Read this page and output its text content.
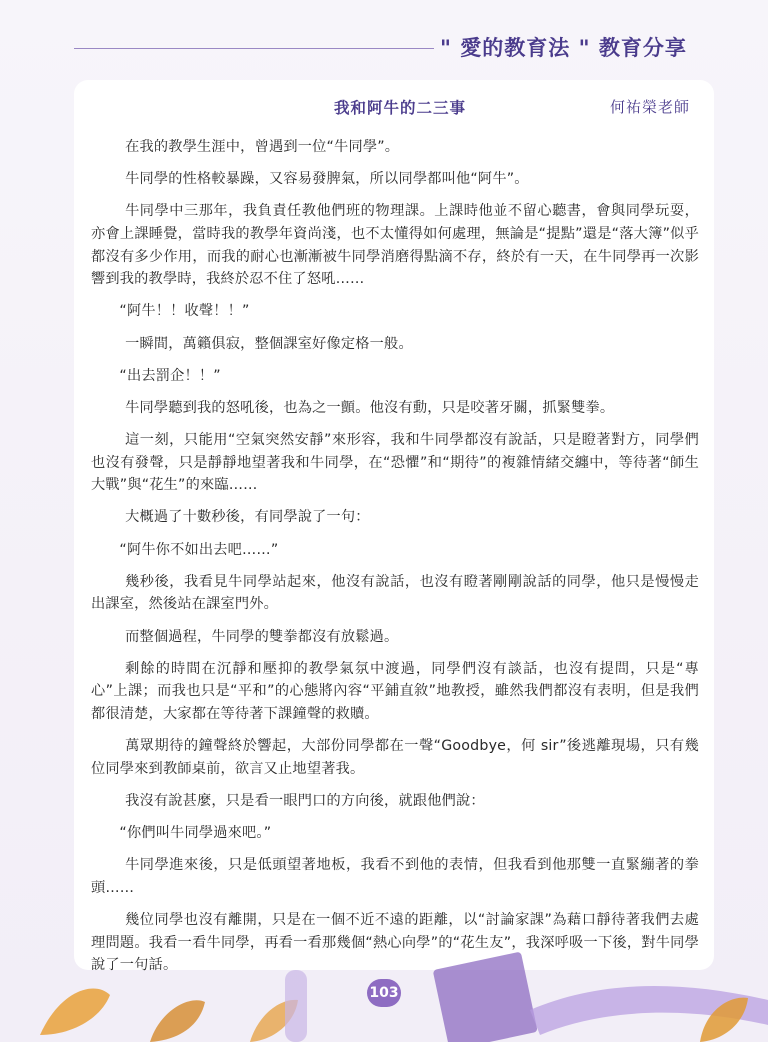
" 愛的教育法 " 教育分享
我和阿牛的二三事	何祐榮老師

在我的教學生涯中，曾遇到一位“牛同學”。

牛同學的性格較暴躁，又容易發脾氣，所以同學都叫他“阿牛”。

牛同學中三那年，我負責任教他們班的物理課。上課時他並不留心聽書，會與同學玩耍，亦會上課睡覺，當時我的教學年資尚淺，也不太懂得如何處理，無論是“提點”還是“落大簿”似乎都沒有多少作用，而我的耐心也漸漸被牛同學消磨得點滴不存，終於有一天，在牛同學再一次影響到我的教學時，我終於忍不住了怒吼……

“阿牛！！收聲！！”

一瞬間，萬籟俱寂，整個課室好像定格一般。

“出去罰企！！”

牛同學聽到我的怒吼後，也為之一顫。他沒有動，只是咬著牙關，抓緊雙拳。

這一刻，只能用“空氣突然安靜”來形容，我和牛同學都沒有說話，只是瞪著對方，同學們也沒有發聲，只是靜靜地望著我和牛同學，在“恐懼”和“期待”的複雜情緒交纏中，等待著“師生大戰”與“花生”的來臨……

大概過了十數秒後，有同學說了一句：

“阿牛你不如出去吧……”

幾秒後，我看見牛同學站起來，他沒有說話，也沒有瞪著剛剛說話的同學，他只是慢慢走出課室，然後站在課室門外。

而整個過程，牛同學的雙拳都沒有放鬆過。

剩餘的時間在沉靜和壓抑的教學氣氛中渡過，同學們沒有談話，也沒有提問，只是“專心”上課；而我也只是“平和”的心態將內容“平鋪直敘”地教授，雖然我們都沒有表明，但是我們都很清楚，大家都在等待著下課鐘聲的救贖。

萬眾期待的鐘聲終於響起，大部份同學都在一聲“Goodbye，何 sir”後逃離現場，只有幾位同學來到教師桌前，欲言又止地望著我。

我沒有說甚麼，只是看一眼門口的方向後，就跟他們說：

“你們叫牛同學過來吧。”

牛同學進來後，只是低頭望著地板，我看不到他的表情，但我看到他那雙一直緊繃著的拳頭……

幾位同學也沒有離開，只是在一個不近不遠的距離，以“討論家課”為藉口靜待著我們去處理問題。我看一看牛同學，再看一看那幾個“熱心向學”的“花生友”，我深呼吸一下後，對牛同學說了一句話。

103
